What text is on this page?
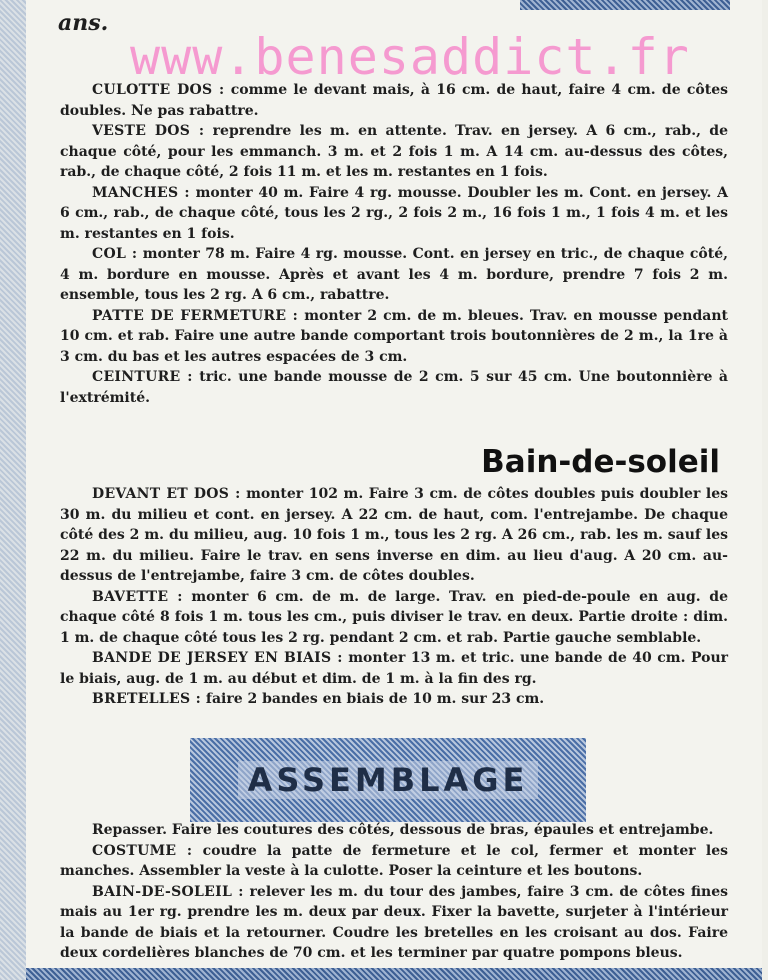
ans.
www.benesaddict.fr

CULOTTE DOS : comme le devant mais, à 16 cm. de haut, faire 4 cm. de côtes doubles. Ne pas rabattre.

VESTE DOS : reprendre les m. en attente. Trav. en jersey. A 6 cm., rab., de chaque côté, pour les emmanch. 3 m. et 2 fois 1 m. A 14 cm. au-dessus des côtes, rab., de chaque côté, 2 fois 11 m. et les m. restantes en 1 fois.

MANCHES : monter 40 m. Faire 4 rg. mousse. Doubler les m. Cont. en jersey. A 6 cm., rab., de chaque côté, tous les 2 rg., 2 fois 2 m., 16 fois 1 m., 1 fois 4 m. et les m. restantes en 1 fois.

COL : monter 78 m. Faire 4 rg. mousse. Cont. en jersey en tric., de chaque côté, 4 m. bordure en mousse. Après et avant les 4 m. bordure, prendre 7 fois 2 m. ensemble, tous les 2 rg. A 6 cm., rabattre.

PATTE DE FERMETURE : monter 2 cm. de m. bleues. Trav. en mousse pendant 10 cm. et rab. Faire une autre bande comportant trois boutonnières de 2 m., la 1re à 3 cm. du bas et les autres espacées de 3 cm.

CEINTURE : tric. une bande mousse de 2 cm. 5 sur 45 cm. Une boutonnière à l'extrémité.

Bain-de-soleil

DEVANT ET DOS : monter 102 m. Faire 3 cm. de côtes doubles puis doubler les 30 m. du milieu et cont. en jersey. A 22 cm. de haut, com. l'entrejambe. De chaque côté des 2 m. du milieu, aug. 10 fois 1 m., tous les 2 rg. A 26 cm., rab. les m. sauf les 22 m. du milieu. Faire le trav. en sens inverse en dim. au lieu d'aug. A 20 cm. au-dessus de l'entrejambe, faire 3 cm. de côtes doubles.

BAVETTE : monter 6 cm. de m. de large. Trav. en pied-de-poule en aug. de chaque côté 8 fois 1 m. tous les cm., puis diviser le trav. en deux. Partie droite : dim. 1 m. de chaque côté tous les 2 rg. pendant 2 cm. et rab. Partie gauche semblable.

BANDE DE JERSEY EN BIAIS : monter 13 m. et tric. une bande de 40 cm. Pour le biais, aug. de 1 m. au début et dim. de 1 m. à la fin des rg.

BRETELLES : faire 2 bandes en biais de 10 m. sur 23 cm.

ASSEMBLAGE

Repasser. Faire les coutures des côtés, dessous de bras, épaules et entrejambe.

COSTUME : coudre la patte de fermeture et le col, fermer et monter les manches. Assembler la veste à la culotte. Poser la ceinture et les boutons.

BAIN-DE-SOLEIL : relever les m. du tour des jambes, faire 3 cm. de côtes fines mais au 1er rg. prendre les m. deux par deux. Fixer la bavette, surjeter à l'intérieur la bande de biais et la retourner. Coudre les bretelles en les croisant au dos. Faire deux cordelières blanches de 70 cm. et les terminer par quatre pompons bleus.
